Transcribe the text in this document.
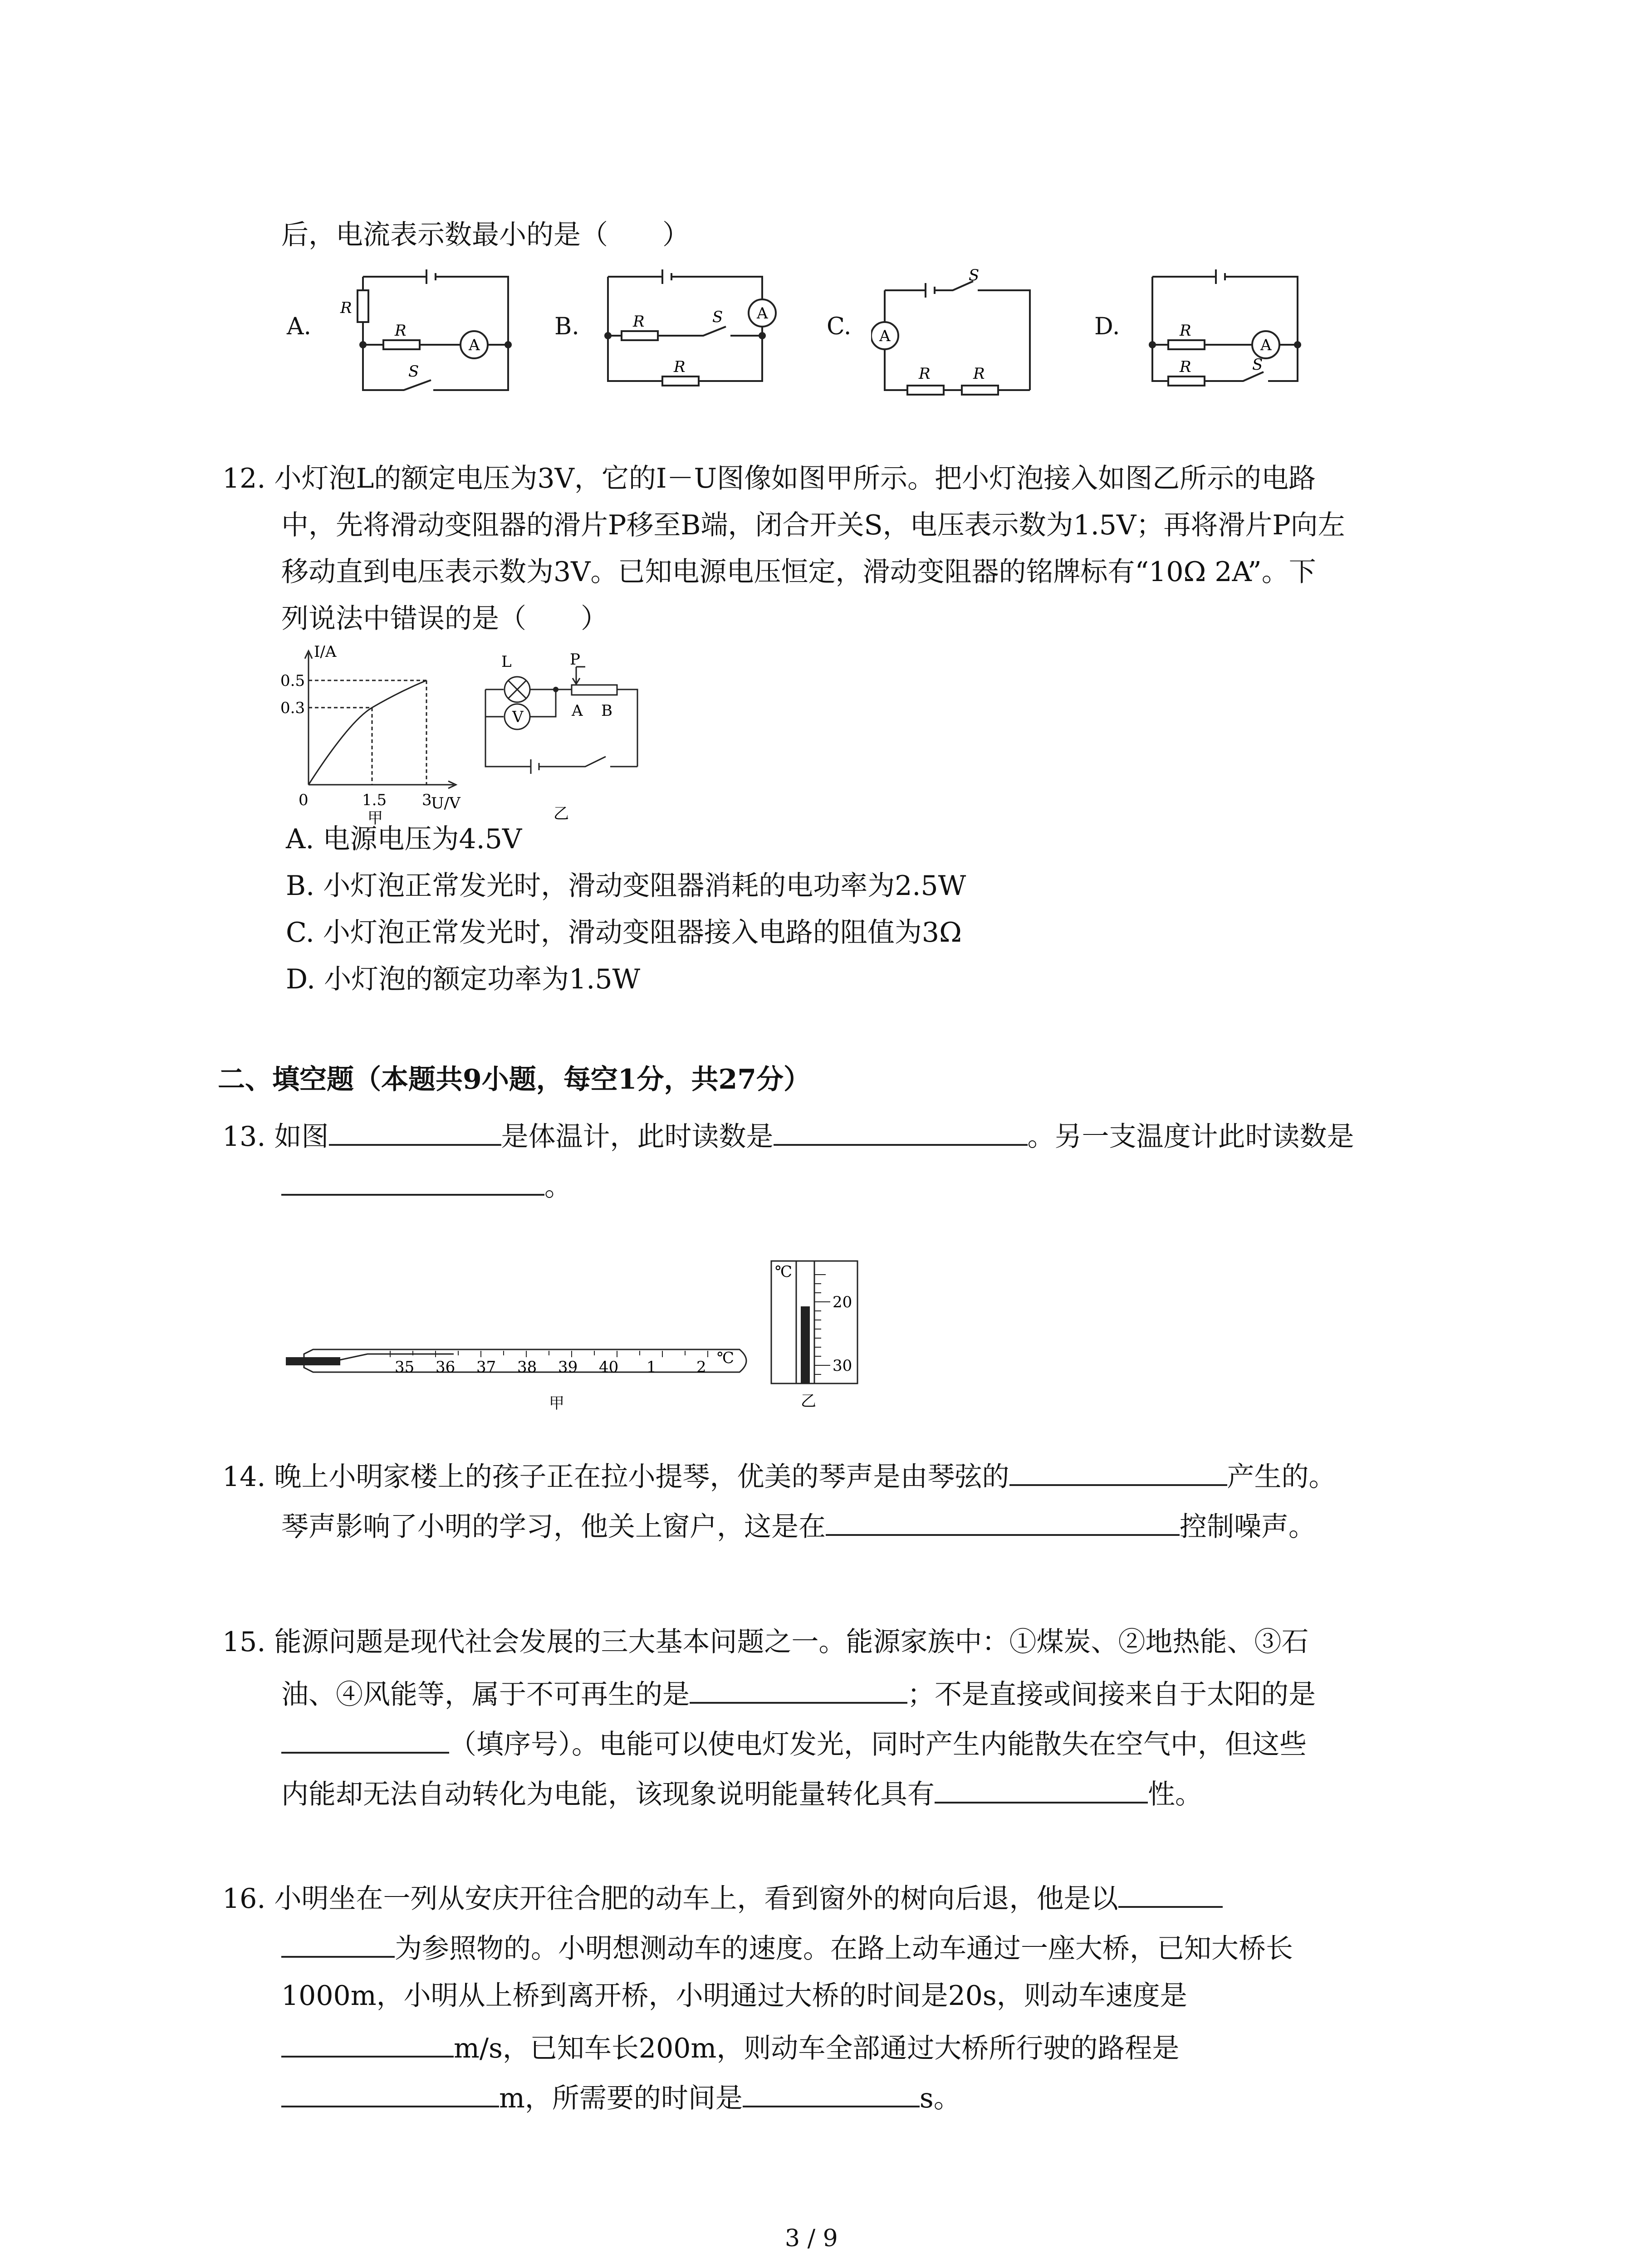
后，电流表示数最小的是（　　）
A.	B.	C.	D.
R
R
A
S
A
R	S
R
A
S
R	R
A
R
R	S
12. 小灯泡L的额定电压为3V，它的I－U图像如图甲所示。把小灯泡接入如图乙所示的电路
中，先将滑动变阻器的滑片P移至B端，闭合开关S，电压表示数为1.5V；再将滑片P向左
移动直到电压表示数为3V。已知电源电压恒定，滑动变阻器的铭牌标有“10Ω 2A”。下
列说法中错误的是（　　）
I/A
0.5
0.3
0	1.5 3
U/V
甲
L	P
A B
V
乙
A. 电源电压为4.5V
B. 小灯泡正常发光时，滑动变阻器消耗的电功率为2.5W
C. 小灯泡正常发光时，滑动变阻器接入电路的阻值为3Ω
D. 小灯泡的额定功率为1.5W
二、填空题（本题共9小题，每空1分，共27分）
13. 如图	是体温计，此时读数是	。另一支温度计此时读数是
。
35 36 37 38 39 40 1	2 ℃
甲
℃
20
30
乙
14. 晚上小明家楼上的孩子正在拉小提琴，优美的琴声是由琴弦的	产生的。
琴声影响了小明的学习，他关上窗户，这是在	控制噪声。
15. 能源问题是现代社会发展的三大基本问题之一。能源家族中：①煤炭、②地热能、③石
油、④风能等，属于不可再生的是	；不是直接或间接来自于太阳的是
（填序号）。电能可以使电灯发光，同时产生内能散失在空气中，但这些
内能却无法自动转化为电能，该现象说明能量转化具有	性。
16. 小明坐在一列从安庆开往合肥的动车上，看到窗外的树向后退，他是以
为参照物的。小明想测动车的速度。在路上动车通过一座大桥，已知大桥长
1000m，小明从上桥到离开桥，小明通过大桥的时间是20s，则动车速度是
m/s，已知车长200m，则动车全部通过大桥所行驶的路程是
m，所需要的时间是	s。
3 / 9
